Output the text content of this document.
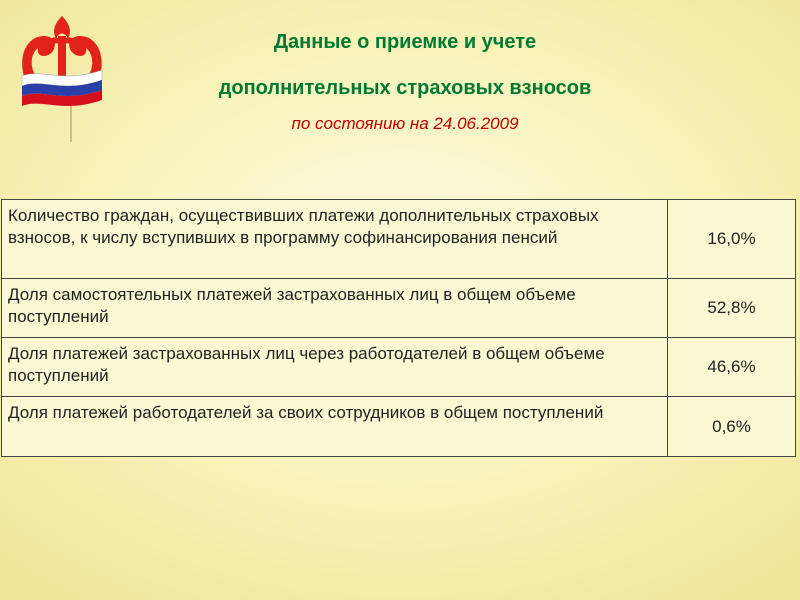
Данные о приемке и учете
дополнительных страховых взносов
по состоянию на 24.06.2009
Количество граждан, осуществивших платежи дополнительных страховых взносов, к числу вступивших в программу софинансирования пенсий	16,0%
Доля самостоятельных платежей застрахованных лиц в общем объеме поступлений	52,8%
Доля платежей застрахованных лиц через работодателей в общем объеме поступлений	46,6%
Доля платежей работодателей за своих сотрудников в общем поступлений	0,6%
